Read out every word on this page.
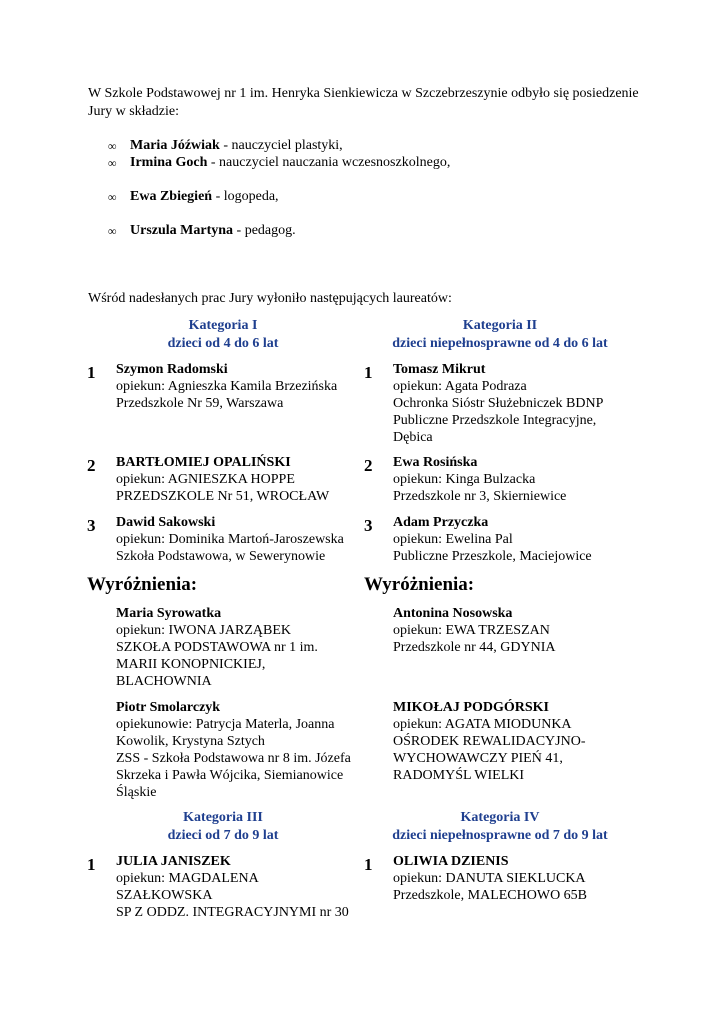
W Szkole Podstawowej nr 1 im. Henryka Sienkiewicza w Szczebrzeszynie odbyło się posiedzenie Jury w składzie:
∞ Maria Jóźwiak - nauczyciel plastyki,
∞ Irmina Goch - nauczyciel nauczania wczesnoszkolnego,
∞ Ewa Zbiegień - logopeda,
∞ Urszula Martyna - pedagog.
Wśród nadesłanych prac Jury wyłoniło następujących laureatów:
Kategoria I
dzieci od 4 do 6 lat
Kategoria II
dzieci niepełnosprawne od 4 do 6 lat
1 Szymon Radomski
opiekun: Agnieszka Kamila Brzezińska
Przedszkole Nr 59, Warszawa
2 BARTŁOMIEJ OPALIŃSKI
opiekun: AGNIESZKA HOPPE
PRZEDSZKOLE Nr 51, WROCŁAW
3 Dawid Sakowski
opiekun: Dominika Martoń-Jaroszewska
Szkoła Podstawowa, w Sewerynowie
1 Tomasz Mikrut
opiekun: Agata Podraza
Ochronka Sióstr Służebniczek BDNP
Publiczne Przedszkole Integracyjne,
Dębica
2 Ewa Rosińska
opiekun: Kinga Bulzacka
Przedszkole nr 3, Skierniewice
3 Adam Przyczka
opiekun: Ewelina Pal
Publiczne Przeszkole, Maciejowice
Wyróżnienia:	Wyróżnienia:
Maria Syrowatka
opiekun: IWONA JARZĄBEK
SZKOŁA PODSTAWOWA nr 1 im.
MARII KONOPNICKIEJ,
BLACHOWNIA
Piotr Smolarczyk
opiekunowie: Patrycja Materla, Joanna
Kowolik, Krystyna Sztych
ZSS - Szkoła Podstawowa nr 8 im. Józefa
Skrzeka i Pawła Wójcika, Siemianowice
Śląskie
Antonina Nosowska
opiekun: EWA TRZESZAN
Przedszkole nr 44, GDYNIA
MIKOŁAJ PODGÓRSKI
opiekun: AGATA MIODUNKA
OŚRODEK REWALIDACYJNO-
WYCHOWAWCZY PIEŃ 41,
RADOMYŚL WIELKI
Kategoria III
dzieci od 7 do 9 lat
Kategoria IV
dzieci niepełnosprawne od 7 do 9 lat
1 JULIA JANISZEK
opiekun: MAGDALENA
SZAŁKOWSKA
SP Z ODDZ. INTEGRACYJNYMI nr 30
1 OLIWIA DZIENIS
opiekun: DANUTA SIEKLUCKA
Przedszkole, MALECHOWO 65B
